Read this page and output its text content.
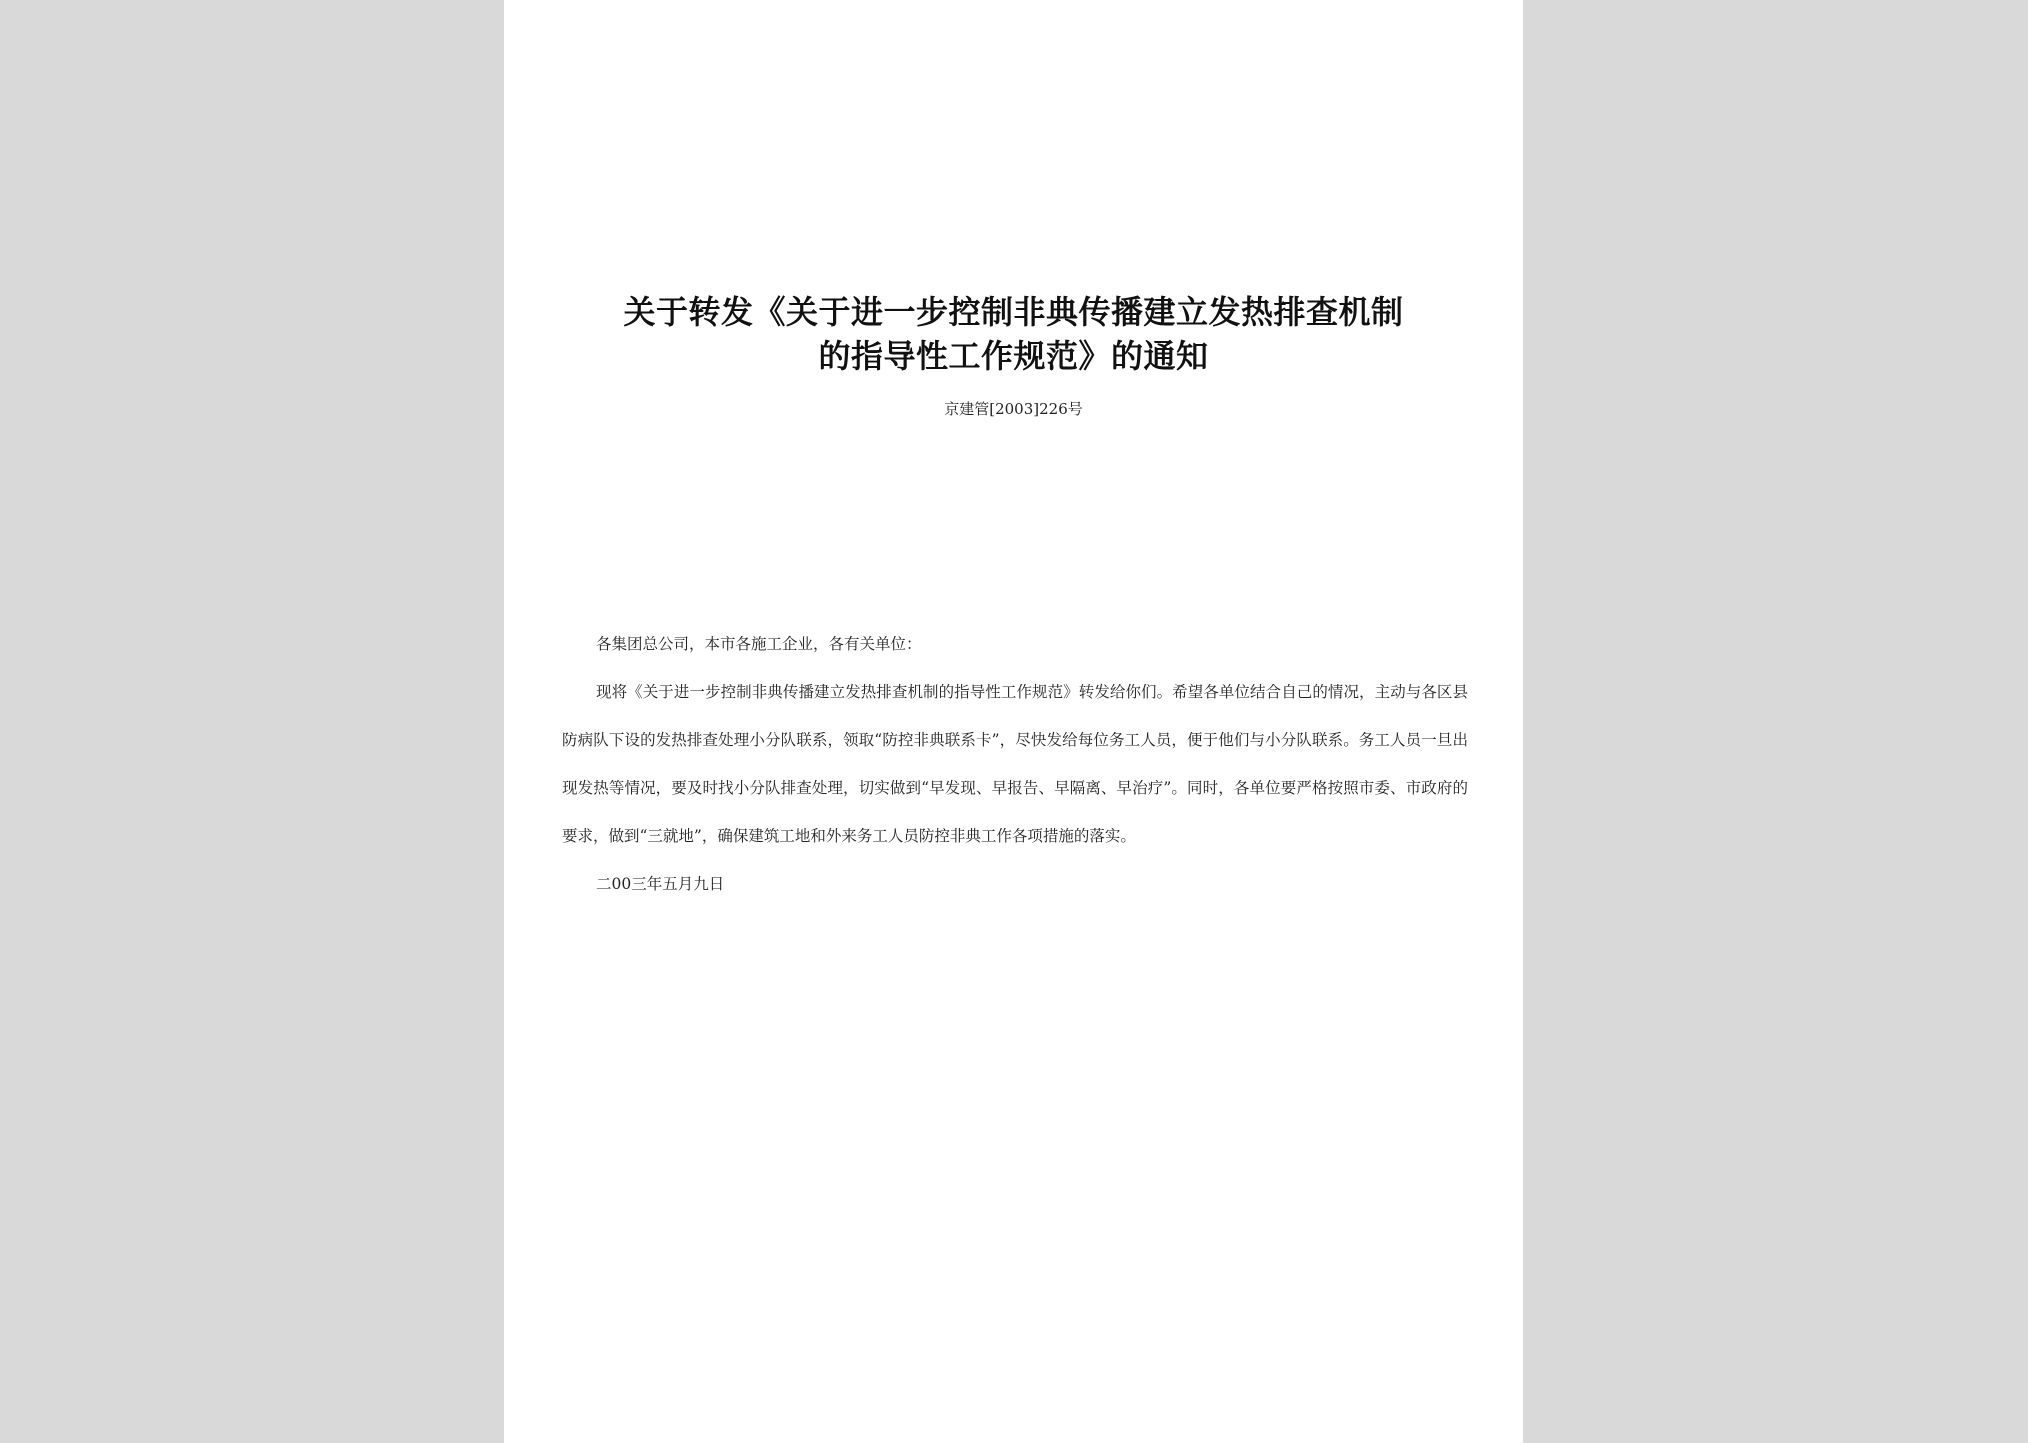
关于转发《关于进一步控制非典传播建立发热排查机制
的指导性工作规范》的通知
京建管[2003]226号

各集团总公司，本市各施工企业，各有关单位：

现将《关于进一步控制非典传播建立发热排查机制的指导性工作规范》转发给你们。希望各单位结合自己的情况，主动与各区县防病队下设的发热排查处理小分队联系，领取“防控非典联系卡”，尽快发给每位务工人员，便于他们与小分队联系。务工人员一旦出现发热等情况，要及时找小分队排查处理，切实做到“早发现、早报告、早隔离、早治疗”。同时，各单位要严格按照市委、市政府的要求，做到“三就地”，确保建筑工地和外来务工人员防控非典工作各项措施的落实。

二00三年五月九日
